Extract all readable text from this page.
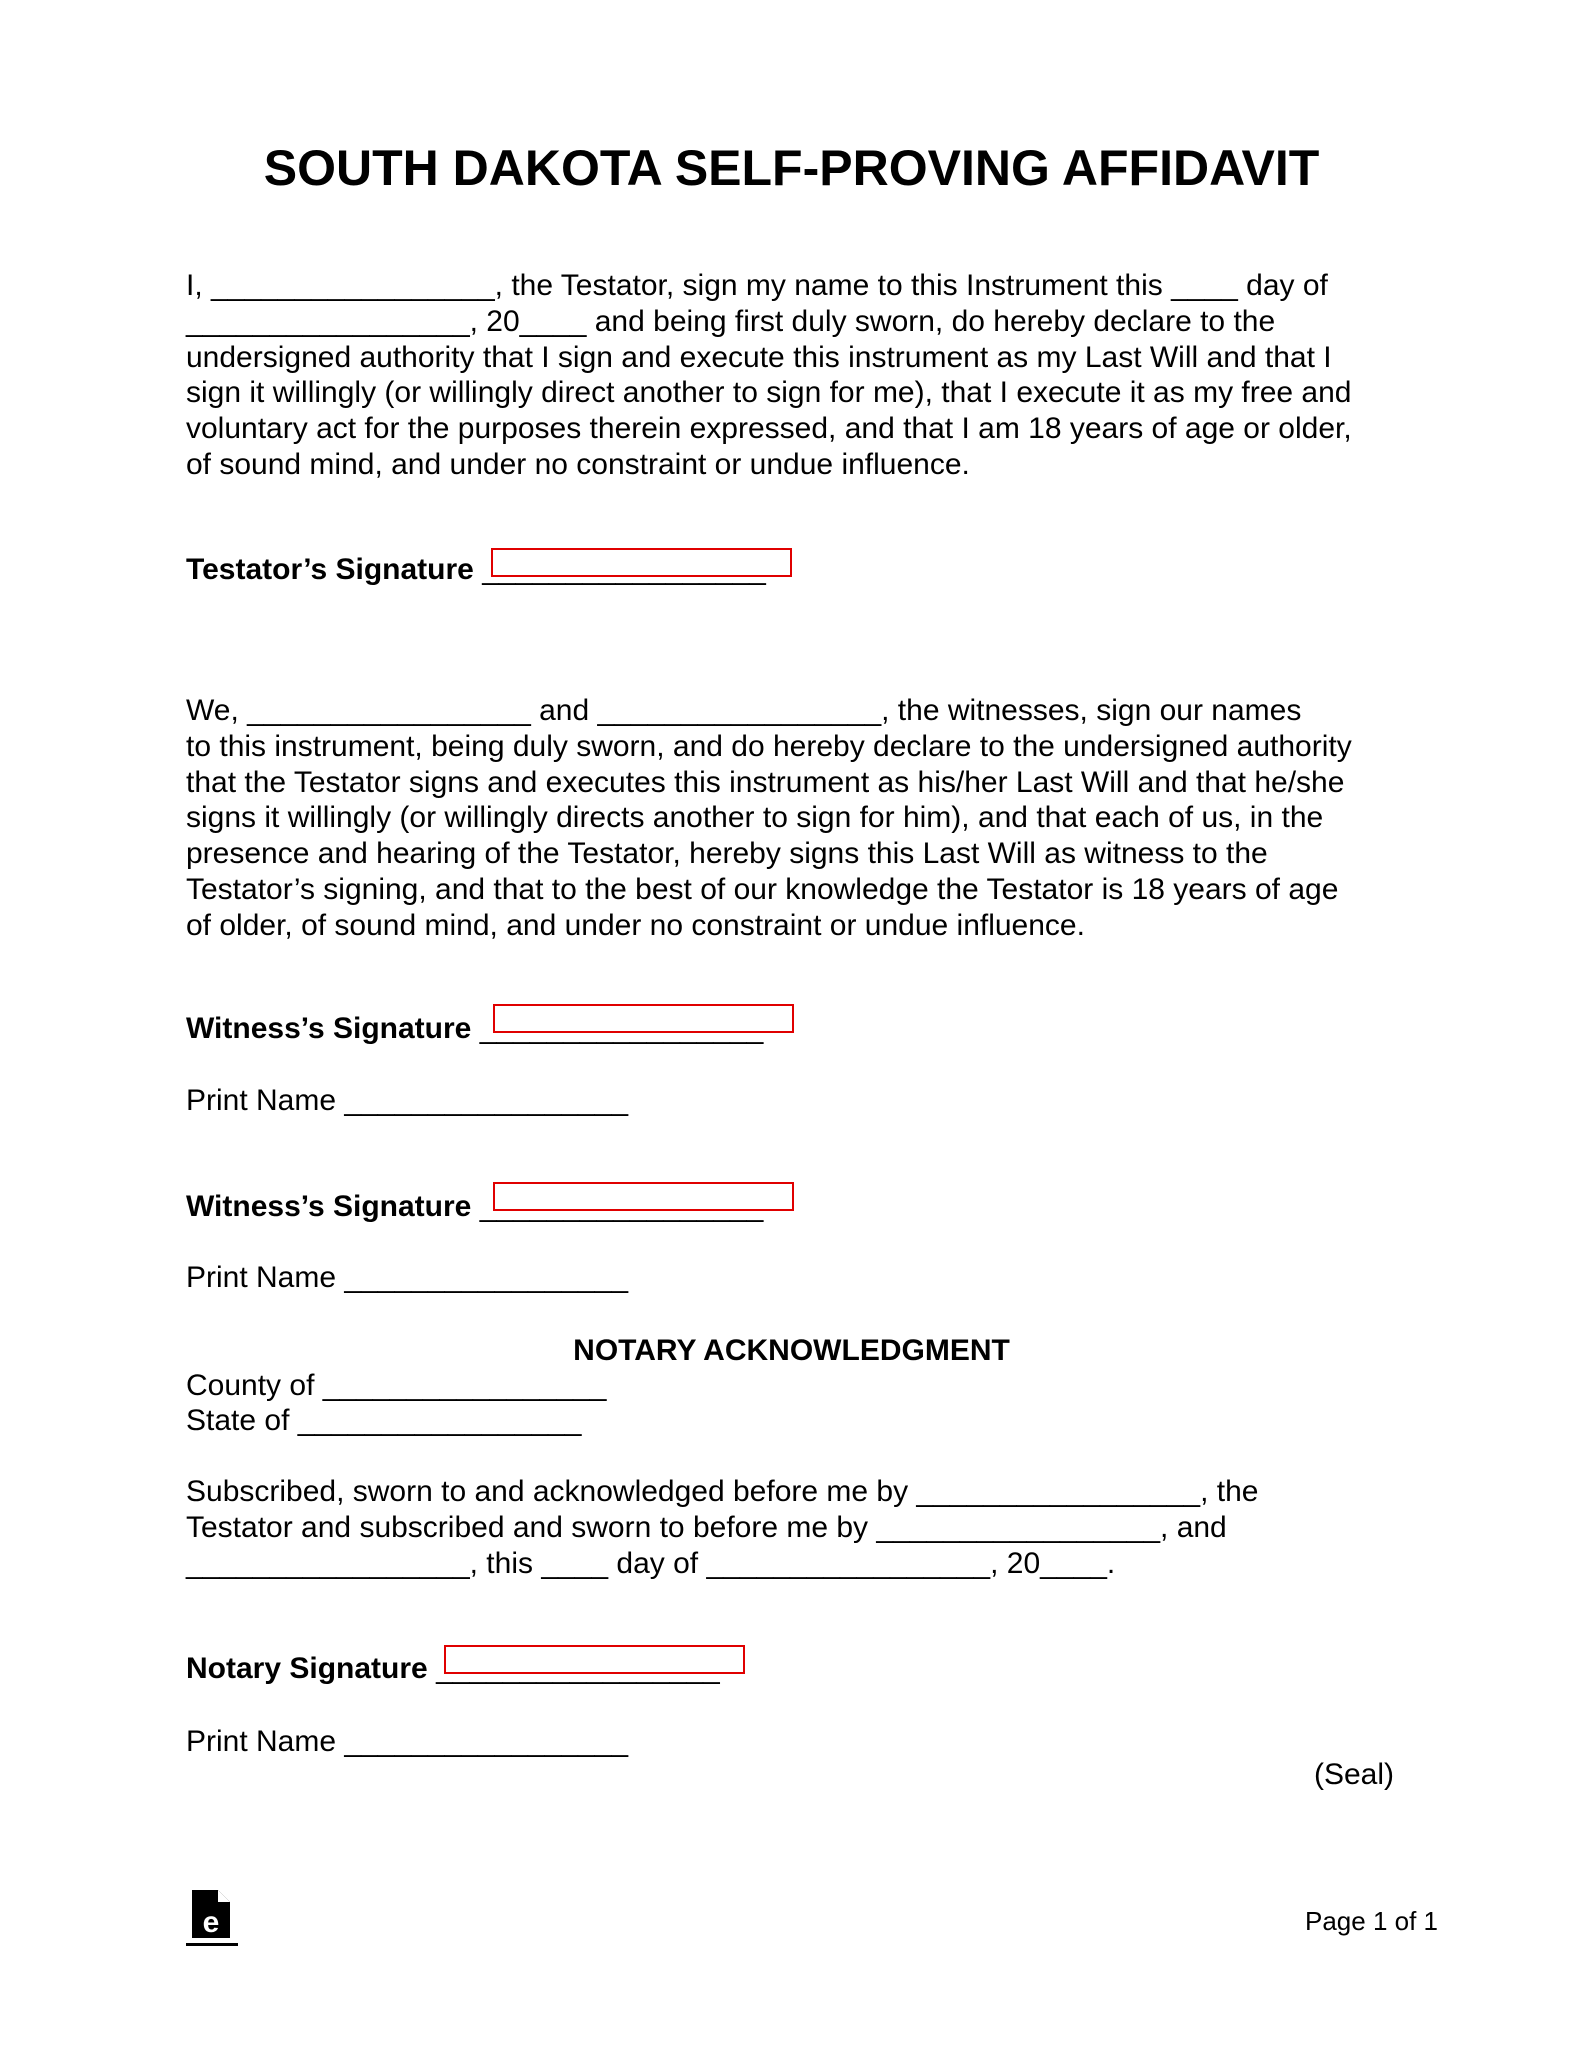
SOUTH DAKOTA SELF-PROVING AFFIDAVIT
I, _________________, the Testator, sign my name to this Instrument this ____ day of
_________________, 20____ and being first duly sworn, do hereby declare to the
undersigned authority that I sign and execute this instrument as my Last Will and that I
sign it willingly (or willingly direct another to sign for me), that I execute it as my free and
voluntary act for the purposes therein expressed, and that I am 18 years of age or older,
of sound mind, and under no constraint or undue influence.
Testator’s Signature _________________
We, _________________ and _________________, the witnesses, sign our names
to this instrument, being duly sworn, and do hereby declare to the undersigned authority
that the Testator signs and executes this instrument as his/her Last Will and that he/she
signs it willingly (or willingly directs another to sign for him), and that each of us, in the
presence and hearing of the Testator, hereby signs this Last Will as witness to the
Testator’s signing, and that to the best of our knowledge the Testator is 18 years of age
of older, of sound mind, and under no constraint or undue influence.
Witness’s Signature _________________
Print Name _________________
Witness’s Signature _________________
Print Name _________________
NOTARY ACKNOWLEDGMENT
County of _________________
State of _________________
Subscribed, sworn to and acknowledged before me by _________________, the
Testator and subscribed and sworn to before me by _________________, and
_________________, this ____ day of _________________, 20____.
Notary Signature _________________
Print Name _________________
(Seal)
e	Page 1 of 1
